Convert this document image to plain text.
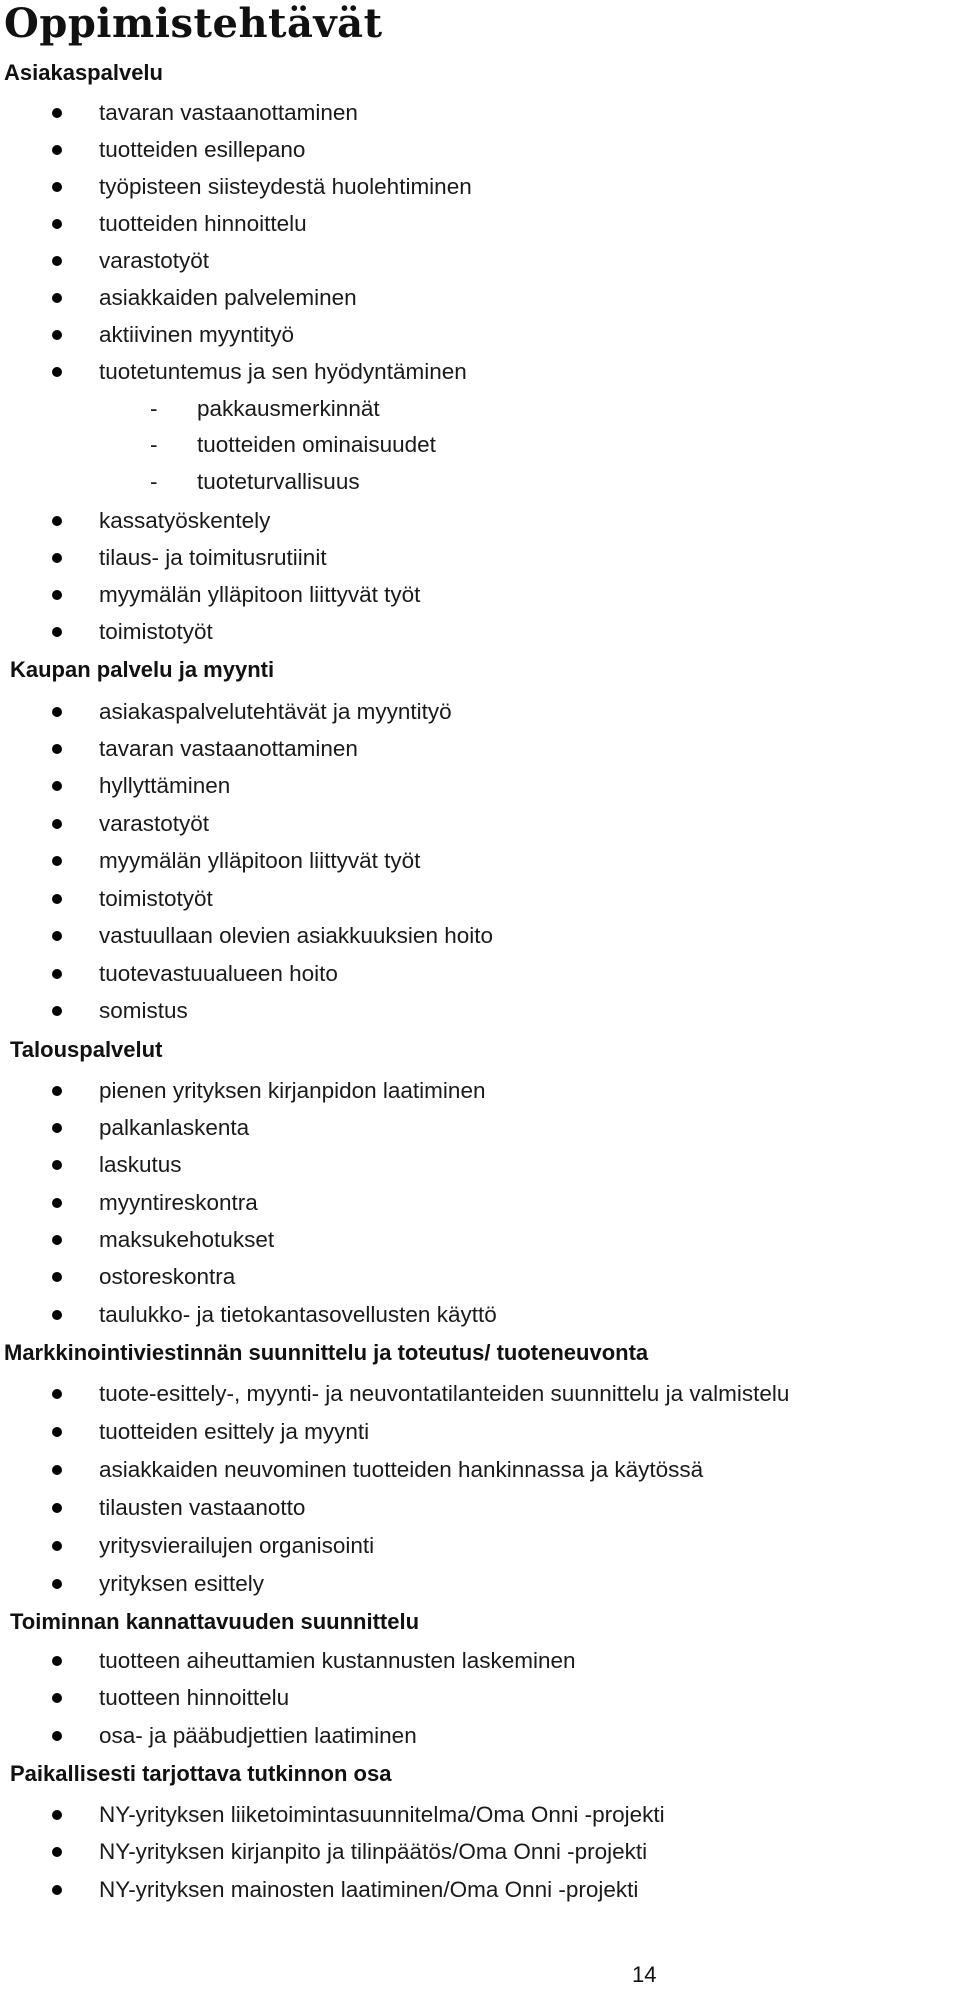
Oppimistehtävät
Asiakaspalvelu
tavaran vastaanottaminen
tuotteiden esillepano
työpisteen siisteydestä huolehtiminen
tuotteiden hinnoittelu
varastotyöt
asiakkaiden palveleminen
aktiivinen myyntityö
tuotetuntemus ja sen hyödyntäminen
- pakkausmerkinnät
- tuotteiden ominaisuudet
- tuoteturvallisuus
kassatyöskentely
tilaus- ja toimitusrutiinit
myymälän ylläpitoon liittyvät työt
toimistotyöt
Kaupan palvelu ja myynti
asiakaspalvelutehtävät ja myyntityö
tavaran vastaanottaminen
hyllyttäminen
varastotyöt
myymälän ylläpitoon liittyvät työt
toimistotyöt
vastuullaan olevien asiakkuuksien hoito
tuotevastuualueen hoito
somistus
Talouspalvelut
pienen yrityksen kirjanpidon laatiminen
palkanlaskenta
laskutus
myyntireskontra
maksukehotukset
ostoreskontra
taulukko- ja tietokantasovellusten käyttö
Markkinointiviestinnän suunnittelu ja toteutus/ tuoteneuvonta
tuote-esittely-, myynti- ja neuvontatilanteiden suunnittelu ja valmistelu
tuotteiden esittely ja myynti
asiakkaiden neuvominen tuotteiden hankinnassa ja käytössä
tilausten vastaanotto
yritysvierailujen organisointi
yrityksen esittely
Toiminnan kannattavuuden suunnittelu
tuotteen aiheuttamien kustannusten laskeminen
tuotteen hinnoittelu
osa- ja pääbudjettien laatiminen
Paikallisesti tarjottava tutkinnon osa
NY-yrityksen liiketoimintasuunnitelma/Oma Onni -projekti
NY-yrityksen kirjanpito ja tilinpäätös/Oma Onni -projekti
NY-yrityksen mainosten laatiminen/Oma Onni -projekti
14
